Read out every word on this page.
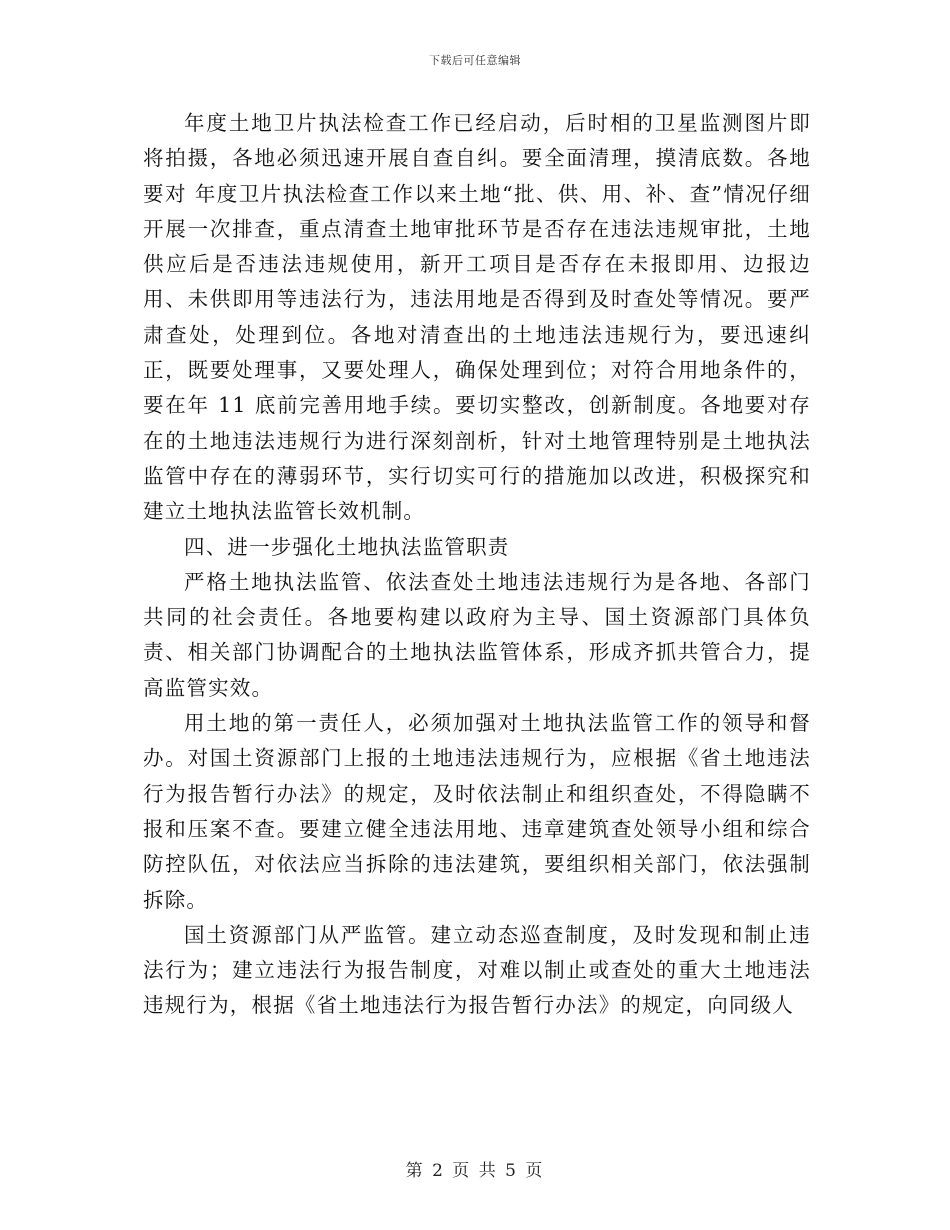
下载后可任意编辑

年度土地卫片执法检查工作已经启动，后时相的卫星监测图片即将拍摄，各地必须迅速开展自查自纠。要全面清理，摸清底数。各地要对 年度卫片执法检查工作以来土地“批、供、用、补、查”情况仔细开展一次排查，重点清查土地审批环节是否存在违法违规审批，土地供应后是否违法违规使用，新开工项目是否存在未报即用、边报边用、未供即用等违法行为，违法用地是否得到及时查处等情况。要严肃查处，处理到位。各地对清查出的土地违法违规行为，要迅速纠正，既要处理事，又要处理人，确保处理到位；对符合用地条件的，要在年 11 底前完善用地手续。要切实整改，创新制度。各地要对存在的土地违法违规行为进行深刻剖析，针对土地管理特别是土地执法监管中存在的薄弱环节，实行切实可行的措施加以改进，积极探究和建立土地执法监管长效机制。

四、进一步强化土地执法监管职责

严格土地执法监管、依法查处土地违法违规行为是各地、各部门共同的社会责任。各地要构建以政府为主导、国土资源部门具体负责、相关部门协调配合的土地执法监管体系，形成齐抓共管合力，提高监管实效。

用土地的第一责任人，必须加强对土地执法监管工作的领导和督办。对国土资源部门上报的土地违法违规行为，应根据《省土地违法行为报告暂行办法》的规定，及时依法制止和组织查处，不得隐瞒不报和压案不查。要建立健全违法用地、违章建筑查处领导小组和综合防控队伍，对依法应当拆除的违法建筑，要组织相关部门，依法强制拆除。

国土资源部门从严监管。建立动态巡查制度，及时发现和制止违法行为；建立违法行为报告制度，对难以制止或查处的重大土地违法违规行为，根据《省土地违法行为报告暂行办法》的规定，向同级人

第 2 页 共 5 页
